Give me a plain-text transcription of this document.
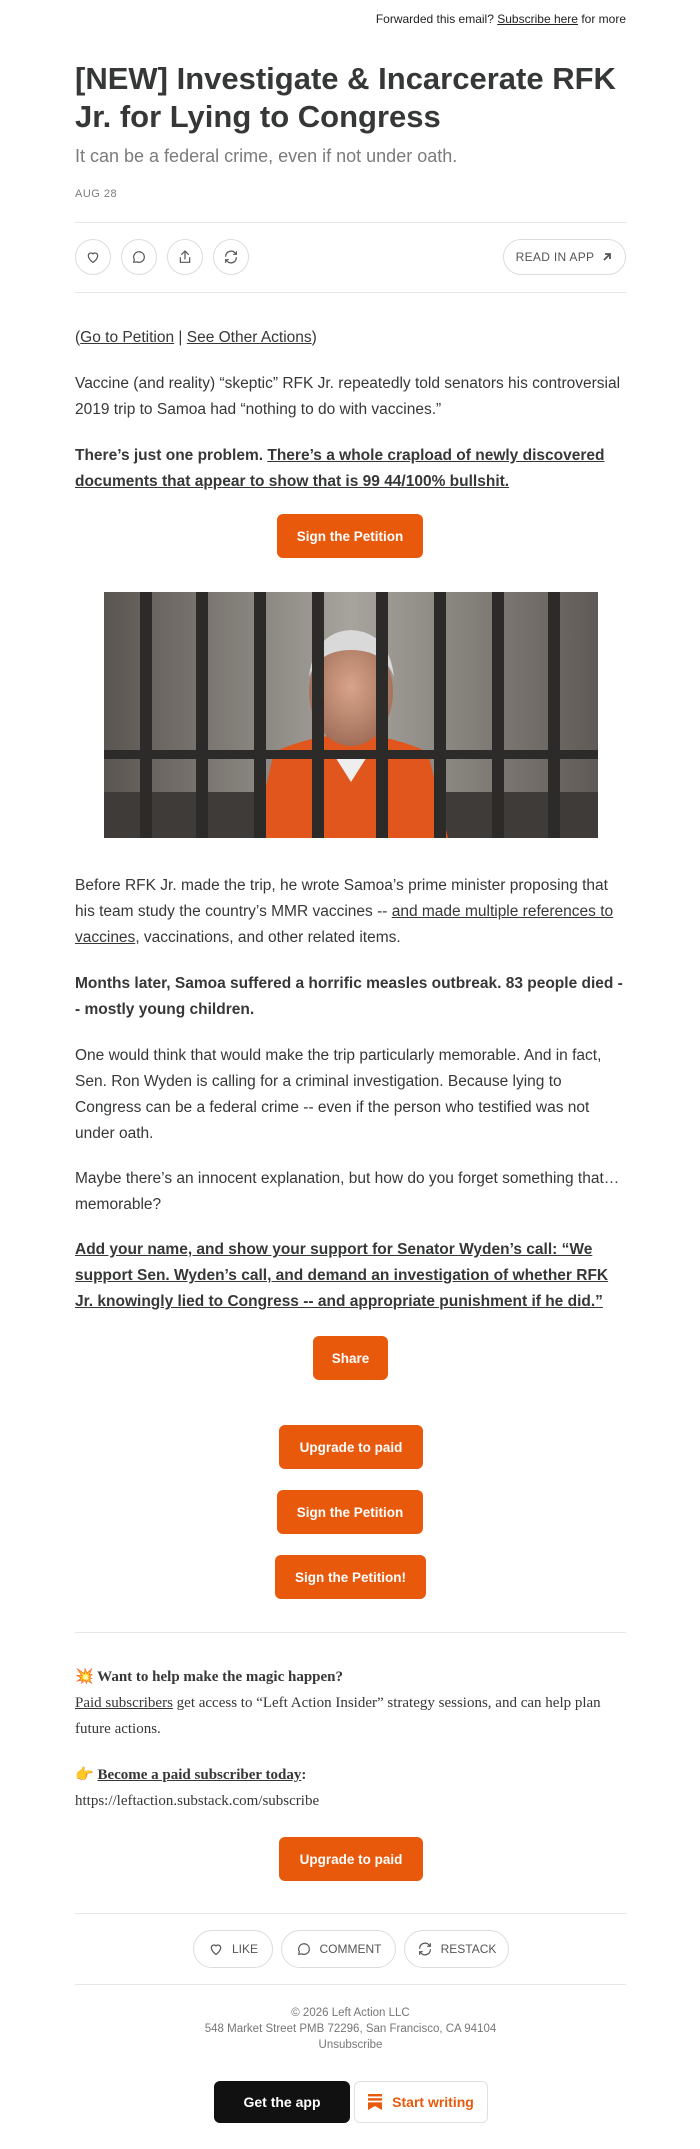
Forwarded this email? Subscribe here for more
[NEW] Investigate & Incarcerate RFK Jr. for Lying to Congress
It can be a federal crime, even if not under oath.
AUG 28
READ IN APP

(Go to Petition | See Other Actions)

Vaccine (and reality) “skeptic” RFK Jr. repeatedly told senators his controversial 2019 trip to Samoa had “nothing to do with vaccines.”

There’s just one problem. There’s a whole crapload of newly discovered documents that appear to show that is 99 44/100% bullshit.

Sign the Petition

Before RFK Jr. made the trip, he wrote Samoa’s prime minister proposing that his team study the country’s MMR vaccines -- and made multiple references to vaccines, vaccinations, and other related items.

Months later, Samoa suffered a horrific measles outbreak. 83 people died -- mostly young children.

One would think that would make the trip particularly memorable. And in fact, Sen. Ron Wyden is calling for a criminal investigation. Because lying to Congress can be a federal crime -- even if the person who testified was not under oath.

Maybe there’s an innocent explanation, but how do you forget something that… memorable?

Add your name, and show your support for Senator Wyden’s call: “We support Sen. Wyden’s call, and demand an investigation of whether RFK Jr. knowingly lied to Congress -- and appropriate punishment if he did.”

Share
Upgrade to paid
Sign the Petition
Sign the Petition!

💥 Want to help make the magic happen?

Paid subscribers get access to “Left Action Insider” strategy sessions, and can help plan future actions.

👉 Become a paid subscriber today:

https://leftaction.substack.com/subscribe

Upgrade to paid
LIKE	COMMENT	RESTACK
© 2026 Left Action LLC
548 Market Street PMB 72296, San Francisco, CA 94104
Unsubscribe
Get the app	Start writing
